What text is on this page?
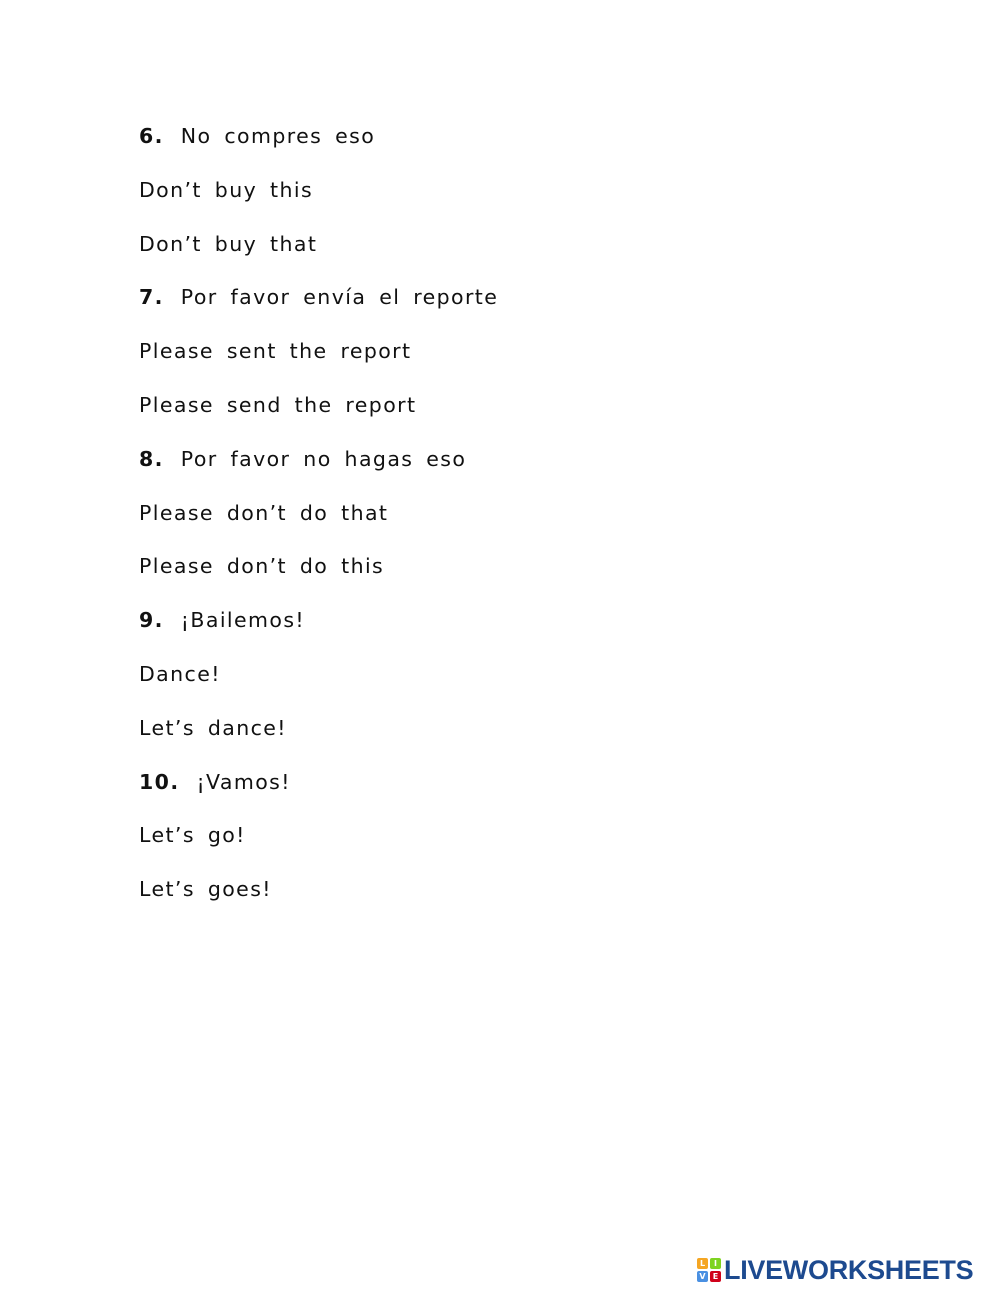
6. No compres eso
Don’t buy this
Don’t buy that
7. Por favor envía el reporte
Please sent the report
Please send the report
8. Por favor no hagas eso
Please don’t do that
Please don’t do this
9. ¡Bailemos!
Dance!
Let’s dance!
10. ¡Vamos!
Let’s go!
Let’s goes!
L	I
V E LIVEWORKSHEETS
